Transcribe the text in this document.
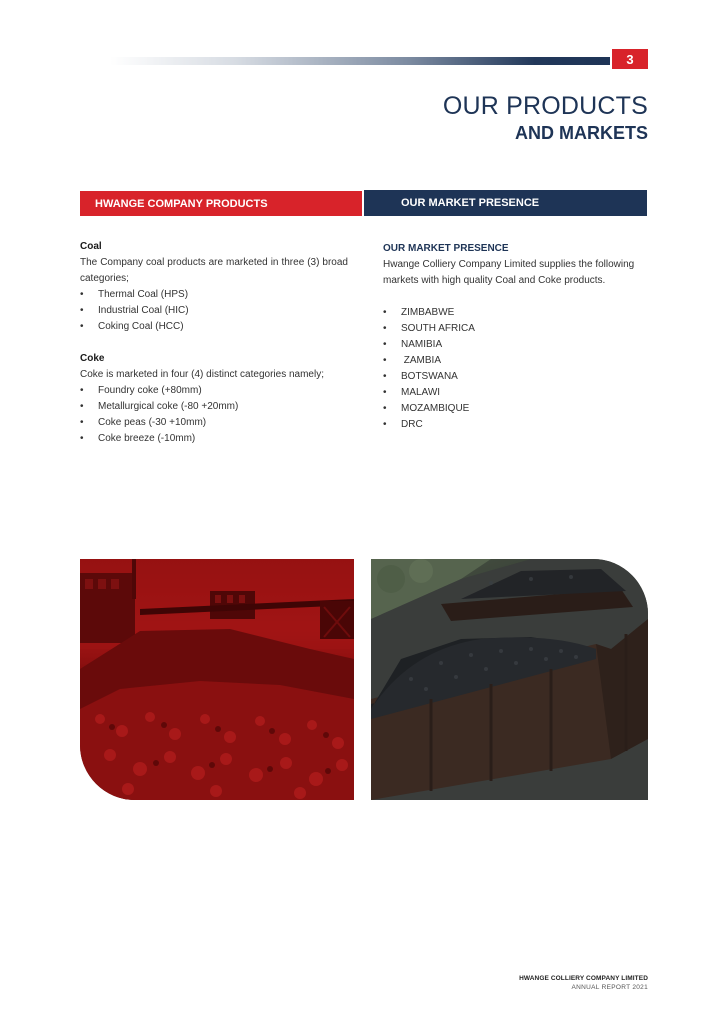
3
OUR PRODUCTS
AND MARKETS
HWANGE COMPANY PRODUCTS	OUR MARKET PRESENCE

Coal

The Company coal products are marketed in three (3) broad categories;

• Thermal Coal (HPS)
• Industrial Coal (HIC)
• Coking Coal (HCC)

Coke

Coke is marketed in four (4) distinct categories namely;

• Foundry coke (+80mm)
• Metallurgical coke (-80 +20mm)
• Coke peas (-30 +10mm)
• Coke breeze (-10mm)

OUR MARKET PRESENCE

Hwange Colliery Company Limited supplies the following markets with high quality Coal and Coke products.

• ZIMBABWE
• SOUTH AFRICA
• NAMIBIA
•  ZAMBIA
• BOTSWANA
• MALAWI
• MOZAMBIQUE
• DRC
HWANGE COLLIERY COMPANY LIMITED
ANNUAL REPORT 2021
